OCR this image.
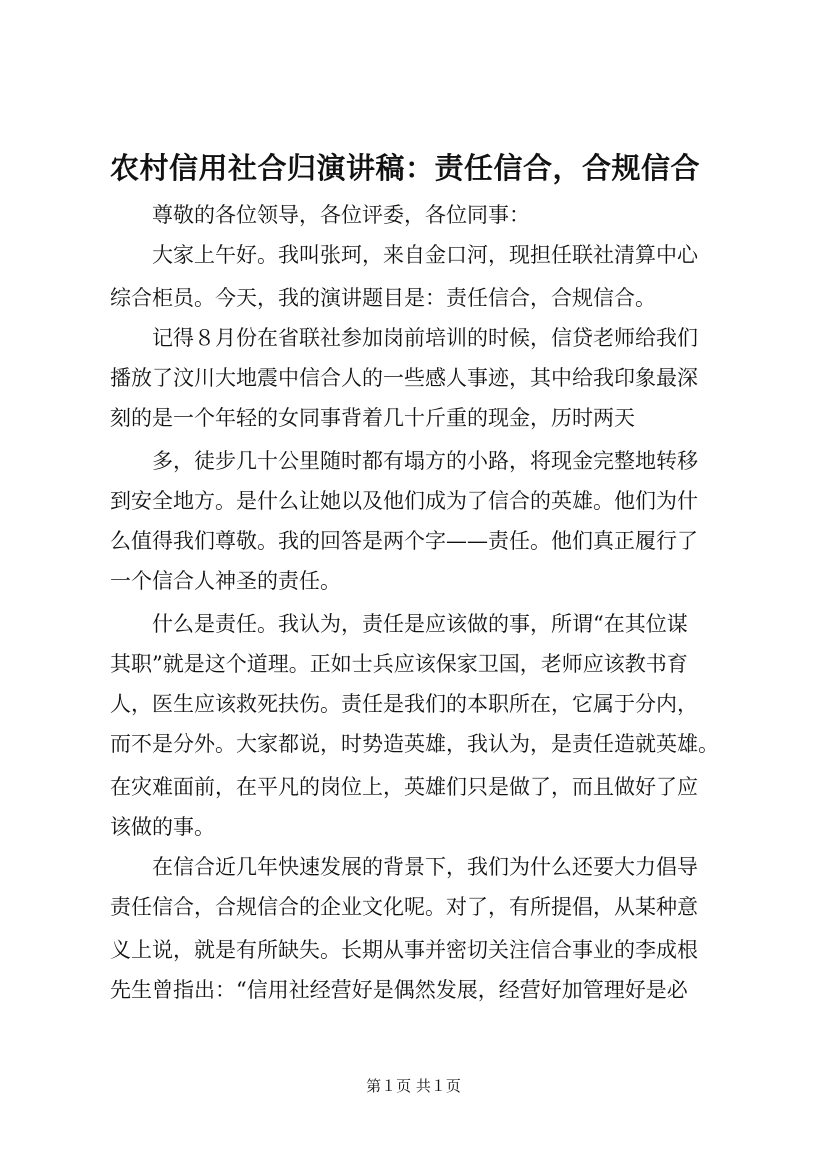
农村信用社合归演讲稿：责任信合，合规信合
　　尊敬的各位领导，各位评委，各位同事：
　　大家上午好。我叫张珂，来自金口河，现担任联社清算中心
综合柜员。今天，我的演讲题目是：责任信合，合规信合。
　　记得８月份在省联社参加岗前培训的时候，信贷老师给我们
播放了汶川大地震中信合人的一些感人事迹，其中给我印象最深
刻的是一个年轻的女同事背着几十斤重的现金，历时两天
　　多，徒步几十公里随时都有塌方的小路，将现金完整地转移
到安全地方。是什么让她以及他们成为了信合的英雄。他们为什
么值得我们尊敬。我的回答是两个字——责任。他们真正履行了
一个信合人神圣的责任。
　　什么是责任。我认为，责任是应该做的事，所谓“在其位谋
其职”就是这个道理。正如士兵应该保家卫国，老师应该教书育
人，医生应该救死扶伤。责任是我们的本职所在，它属于分内，
而不是分外。大家都说，时势造英雄，我认为，是责任造就英雄。
在灾难面前，在平凡的岗位上，英雄们只是做了，而且做好了应
该做的事。
　　在信合近几年快速发展的背景下，我们为什么还要大力倡导
责任信合，合规信合的企业文化呢。对了，有所提倡，从某种意
义上说，就是有所缺失。长期从事并密切关注信合事业的李成根
先生曾指出：“信用社经营好是偶然发展，经营好加管理好是必
第１页 共１页
